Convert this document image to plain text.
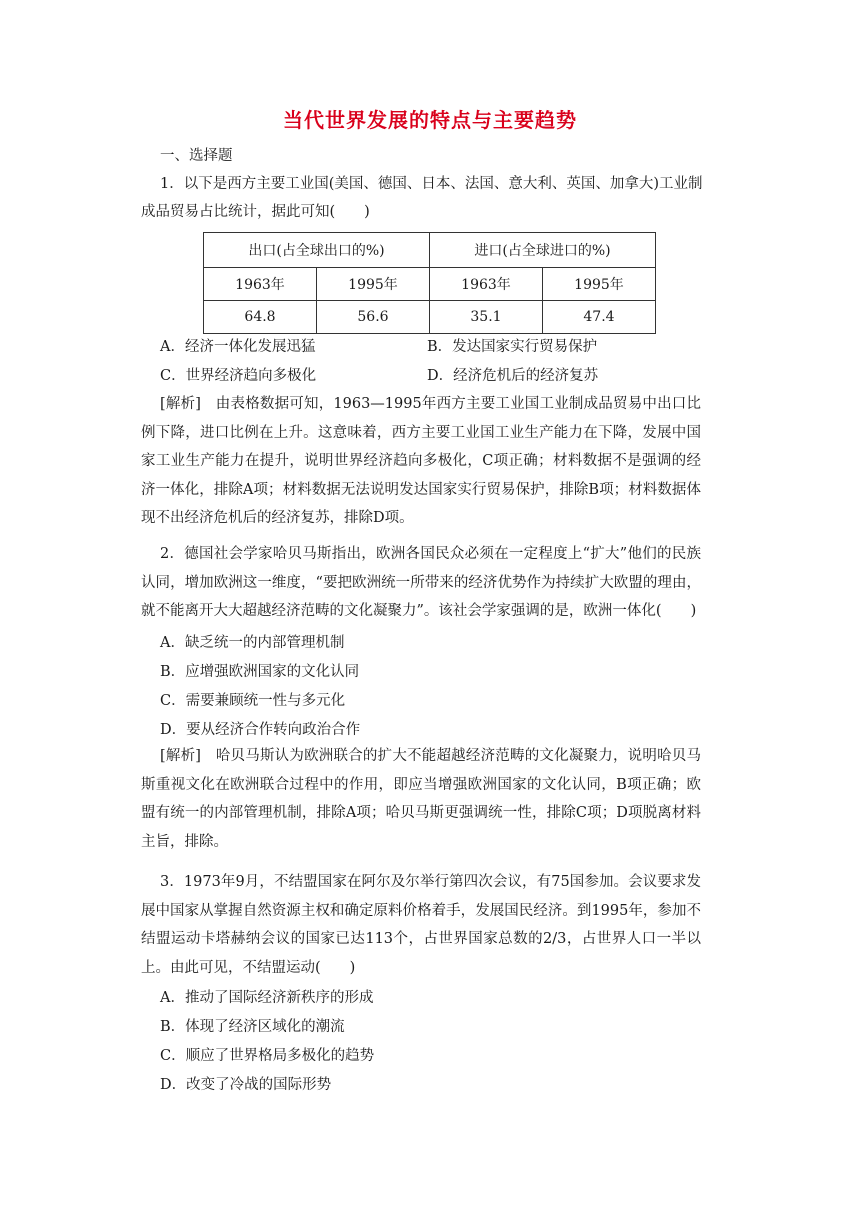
当代世界发展的特点与主要趋势
一、选择题
1．以下是西方主要工业国(美国、德国、日本、法国、意大利、英国、加拿大)工业制
成品贸易占比统计，据此可知(　　)
出口(占全球出口的%)		进口(占全球进口的%)	
1963年	1995年	1963年	1995年
64.8	56.6	35.1	47.4
A．经济一体化发展迅猛	B．发达国家实行贸易保护
C．世界经济趋向多极化	D．经济危机后的经济复苏
[解析]　由表格数据可知，1963—1995年西方主要工业国工业制成品贸易中出口比例下降，进口比例在上升。这意味着，西方主要工业国工业生产能力在下降，发展中国家工业生产能力在提升，说明世界经济趋向多极化，C项正确；材料数据不是强调的经济一体化，排除A项；材料数据无法说明发达国家实行贸易保护，排除B项；材料数据体现不出经济危机后的经济复苏，排除D项。
2．德国社会学家哈贝马斯指出，欧洲各国民众必须在一定程度上“扩大”他们的民族认同，增加欧洲这一维度，“要把欧洲统一所带来的经济优势作为持续扩大欧盟的理由，就不能离开大大超越经济范畴的文化凝聚力”。该社会学家强调的是，欧洲一体化(　　)
A．缺乏统一的内部管理机制
B．应增强欧洲国家的文化认同
C．需要兼顾统一性与多元化
D．要从经济合作转向政治合作
[解析]　哈贝马斯认为欧洲联合的扩大不能超越经济范畴的文化凝聚力，说明哈贝马斯重视文化在欧洲联合过程中的作用，即应当增强欧洲国家的文化认同，B项正确；欧盟有统一的内部管理机制，排除A项；哈贝马斯更强调统一性，排除C项；D项脱离材料主旨，排除。
3．1973年9月，不结盟国家在阿尔及尔举行第四次会议，有75国参加。会议要求发展中国家从掌握自然资源主权和确定原料价格着手，发展国民经济。到1995年，参加不结盟运动卡塔赫纳会议的国家已达113个，占世界国家总数的2/3，占世界人口一半以上。由此可见，不结盟运动(　　)
A．推动了国际经济新秩序的形成
B．体现了经济区域化的潮流
C．顺应了世界格局多极化的趋势
D．改变了冷战的国际形势
